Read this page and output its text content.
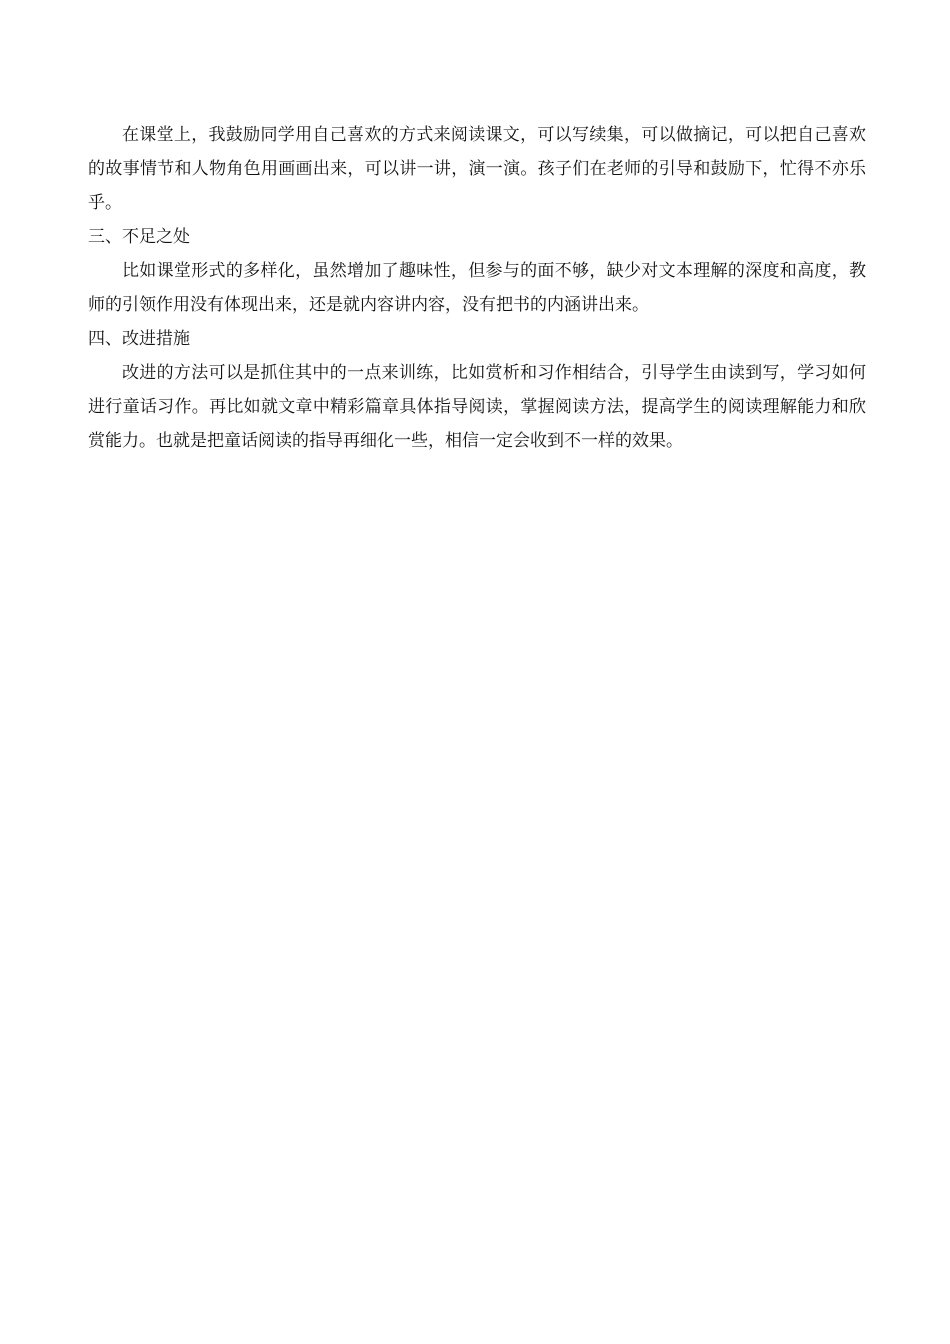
在课堂上，我鼓励同学用自己喜欢的方式来阅读课文，可以写续集，可以做摘记，可以把自己喜欢的故事情节和人物角色用画画出来，可以讲一讲，演一演。孩子们在老师的引导和鼓励下，忙得不亦乐乎。

三、不足之处

比如课堂形式的多样化，虽然增加了趣味性，但参与的面不够，缺少对文本理解的深度和高度，教师的引领作用没有体现出来，还是就内容讲内容，没有把书的内涵讲出来。

四、改进措施

改进的方法可以是抓住其中的一点来训练，比如赏析和习作相结合，引导学生由读到写，学习如何进行童话习作。再比如就文章中精彩篇章具体指导阅读，掌握阅读方法，提高学生的阅读理解能力和欣赏能力。也就是把童话阅读的指导再细化一些，相信一定会收到不一样的效果。
